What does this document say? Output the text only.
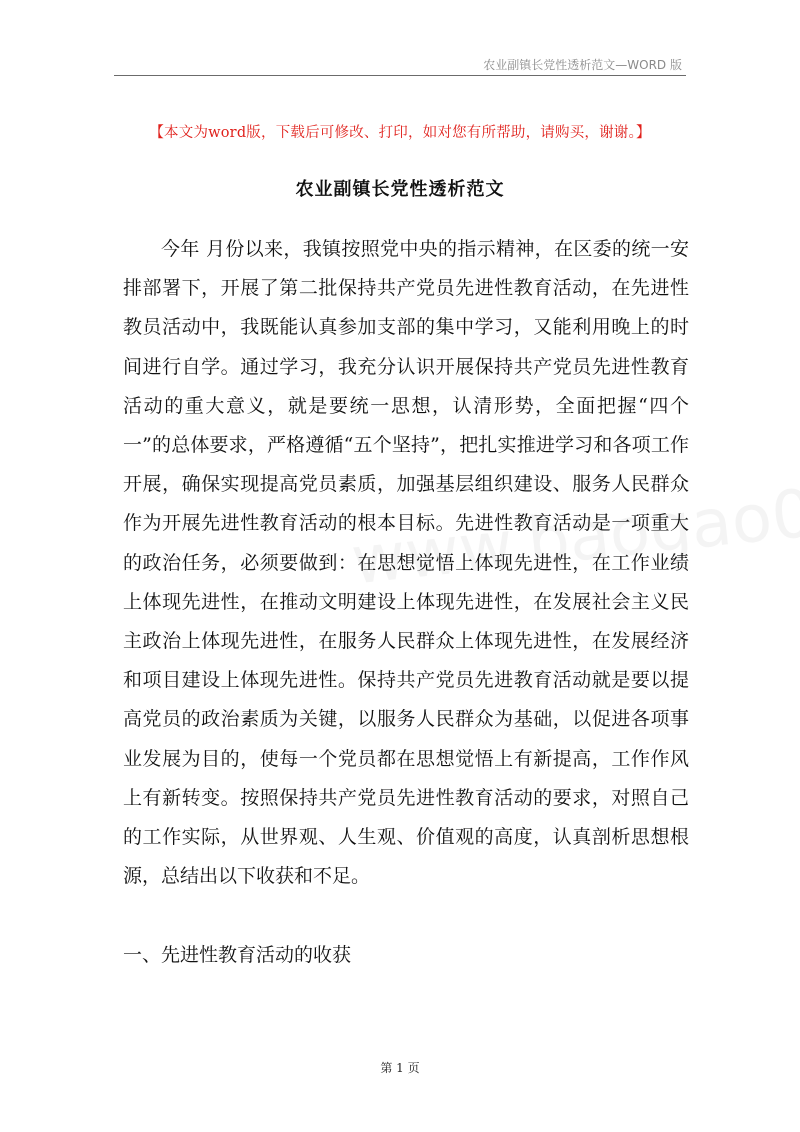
农业副镇长党性透析范文—WORD 版
【本文为word版，下载后可修改、打印，如对您有所帮助，请购买，谢谢。】
农业副镇长党性透析范文

今年 月份以来，我镇按照党中央的指示精神，在区委的统一安排部署下，开展了第二批保持共产党员先进性教育活动，在先进性教员活动中，我既能认真参加支部的集中学习，又能利用晚上的时间进行自学。通过学习，我充分认识开展保持共产党员先进性教育活动的重大意义，就是要统一思想，认清形势，全面把握“四个一”的总体要求，严格遵循“五个坚持”，把扎实推进学习和各项工作开展，确保实现提高党员素质，加强基层组织建设、服务人民群众作为开展先进性教育活动的根本目标。先进性教育活动是一项重大的政治任务，必须要做到：在思想觉悟上体现先进性，在工作业绩上体现先进性，在推动文明建设上体现先进性，在发展社会主义民主政治上体现先进性，在服务人民群众上体现先进性，在发展经济和项目建设上体现先进性。保持共产党员先进教育活动就是要以提高党员的政治素质为关键，以服务人民群众为基础，以促进各项事业发展为目的，使每一个党员都在思想觉悟上有新提高，工作作风上有新转变。按照保持共产党员先进性教育活动的要求，对照自己的工作实际，从世界观、人生观、价值观的高度，认真剖析思想根源，总结出以下收获和不足。

一、先进性教育活动的收获
第 1 页
